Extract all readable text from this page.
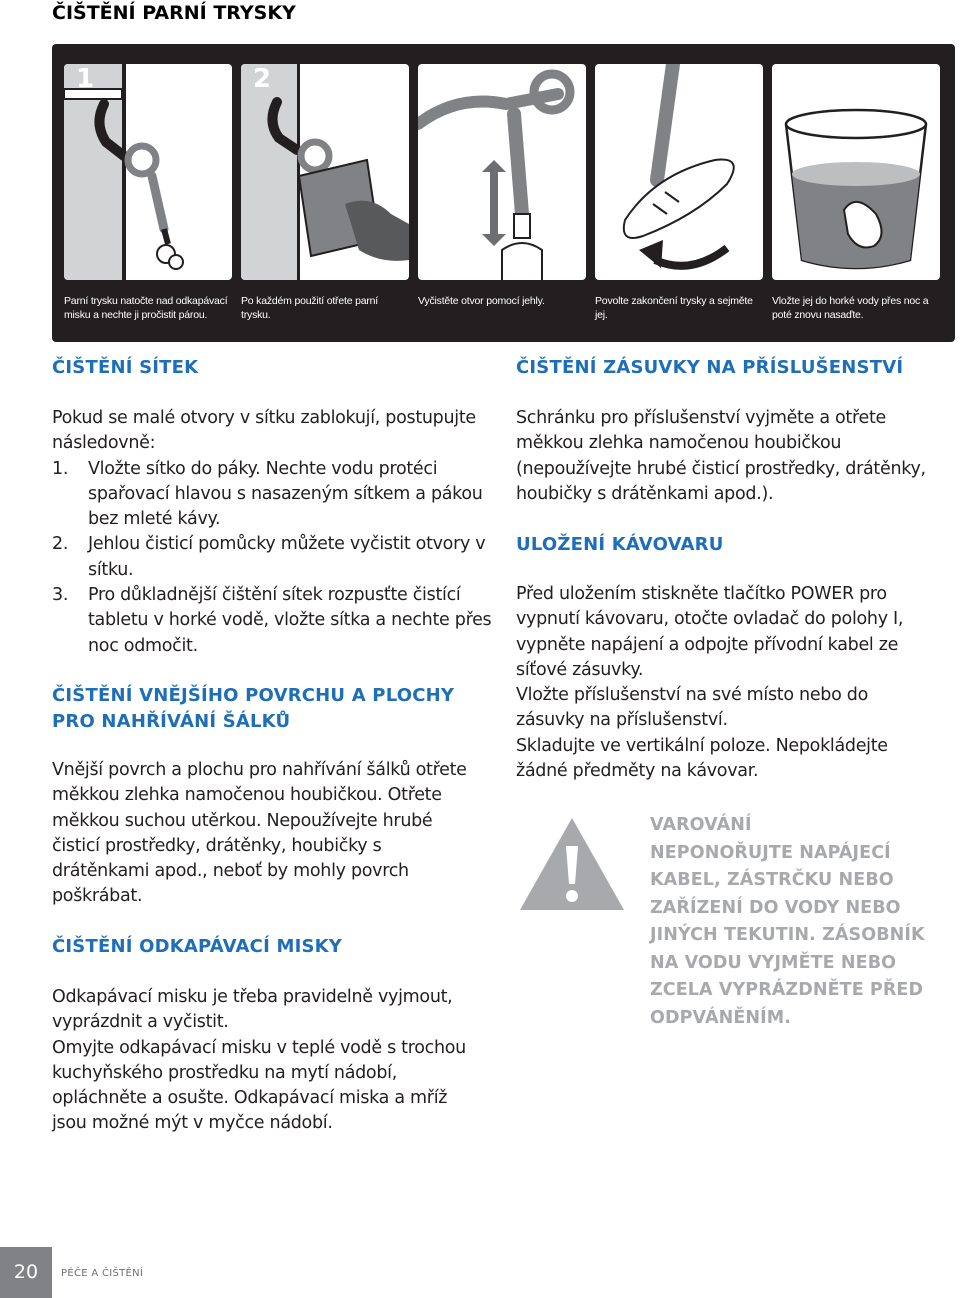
ČIŠTĚNÍ PARNÍ TRYSKY
1
Parní trysku natočte nad odkapávací misku a nechte ji pročistit párou.
2
Po každém použití otřete parní trysku.
3
Vyčistěte otvor pomocí jehly.
4
Povolte zakončení trysky a sejměte jej.
5
Vložte jej do horké vody přes noc a poté znovu nasaďte.
ČIŠTĚNÍ SÍTEK

Pokud se malé otvory v sítku zablokují, postupujte následovně:

1. Vložte sítko do páky. Nechte vodu protéci spařovací hlavou s nasazeným sítkem a pákou bez mleté kávy.
2. Jehlou čisticí pomůcky můžete vyčistit otvory v sítku.
3. Pro důkladnější čištění sítek rozpusťte čistící tabletu v horké vodě, vložte sítka a nechte přes noc odmočit.
ČIŠTĚNÍ VNĚJŠÍHO POVRCHU A PLOCHY PRO NAHŘÍVÁNÍ ŠÁLKŮ

Vnější povrch a plochu pro nahřívání šálků otřete měkkou zlehka namočenou houbičkou. Otřete měkkou suchou utěrkou. Nepoužívejte hrubé čisticí prostředky, drátěnky, houbičky s drátěnkami apod., neboť by mohly povrch poškrábat.

ČIŠTĚNÍ ODKAPÁVACÍ MISKY

Odkapávací misku je třeba pravidelně vyjmout, vyprázdnit a vyčistit.

Omyjte odkapávací misku v teplé vodě s trochou kuchyňského prostředku na mytí nádobí, opláchněte a osušte. Odkapávací miska a mříž jsou možné mýt v myčce nádobí.

ČIŠTĚNÍ ZÁSUVKY NA PŘÍSLUŠENSTVÍ

Schránku pro příslušenství vyjměte a otřete měkkou zlehka namočenou houbičkou (nepoužívejte hrubé čisticí prostředky, drátěnky, houbičky s drátěnkami apod.).

ULOŽENÍ KÁVOVARU

Před uložením stiskněte tlačítko POWER pro vypnutí kávovaru, otočte ovladač do polohy I, vypněte napájení a odpojte přívodní kabel ze síťové zásuvky.

Vložte příslušenství na své místo nebo do zásuvky na příslušenství.

Skladujte ve vertikální poloze. Nepokládejte žádné předměty na kávovar.

VAROVÁNÍ

NEPONOŘUJTE NAPÁJECÍ KABEL, ZÁSTRČKU NEBO ZAŘÍZENÍ DO VODY NEBO JINÝCH TEKUTIN. ZÁSOBNÍK NA VODU VYJMĚTE NEBO ZCELA VYPRÁZDNĚTE PŘED ODPVÁNĚNÍM.

20	PÉČE A ČIŠTĚNÍ
